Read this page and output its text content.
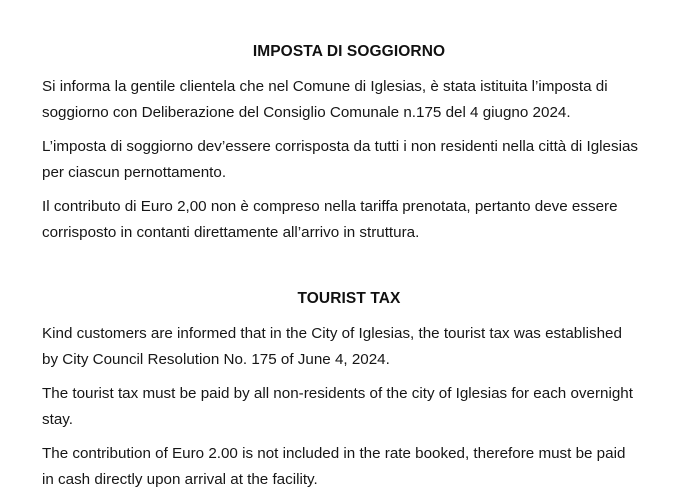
IMPOSTA DI SOGGIORNO

Si informa la gentile clientela che nel Comune di Iglesias, è stata istituita l’imposta di soggiorno con Deliberazione del Consiglio Comunale n.175 del 4 giugno 2024.

L’imposta di soggiorno dev’essere corrisposta da tutti i non residenti nella città di Iglesias per ciascun pernottamento.

Il contributo di Euro 2,00 non è compreso nella tariffa prenotata, pertanto deve essere corrisposto in contanti direttamente all’arrivo in struttura.

TOURIST TAX

Kind customers are informed that in the City of Iglesias, the tourist tax was established by City Council Resolution No. 175 of June 4, 2024.

The tourist tax must be paid by all non-residents of the city of Iglesias for each overnight stay.

The contribution of Euro 2.00 is not included in the rate booked, therefore must be paid in cash directly upon arrival at the facility.
